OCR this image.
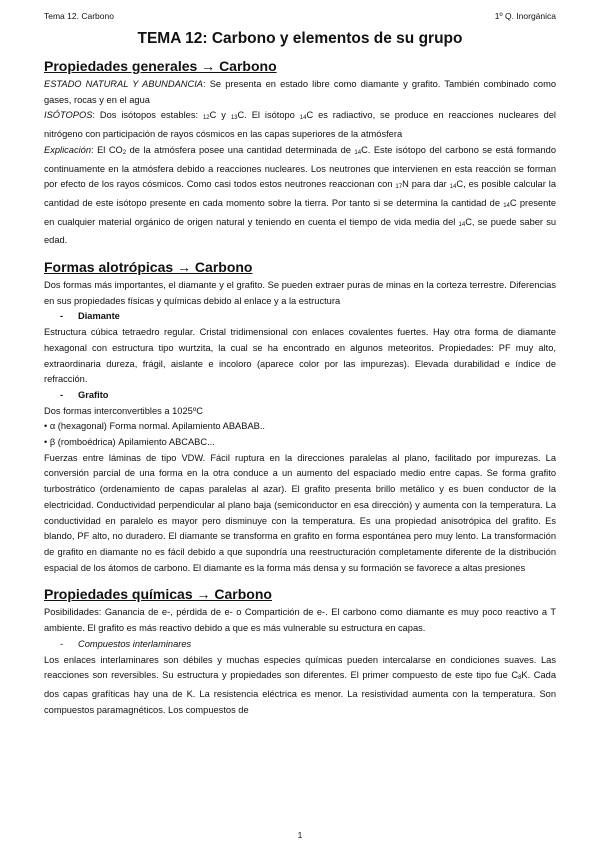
Tema 12. Carbono	1º Q. Inorgánica
TEMA 12: Carbono y elementos de su grupo
Propiedades generales → Carbono
ESTADO NATURAL Y ABUNDANCIA: Se presenta en estado libre como diamante y grafito. También combinado como gases, rocas y en el agua
ISÓTOPOS: Dos isótopos estables: $_{12}$C y $_{13}$C. El isótopo $_{14}$C es radiactivo, se produce en reacciones nucleares del nitrógeno con participación de rayos cósmicos en las capas superiores de la atmósfera
Explicación: El $CO_2$ de la atmósfera posee una cantidad determinada de $_{14}$C. Este isótopo del carbono se está formando continuamente en la atmósfera debido a reacciones nucleares. Los neutrones que intervienen en esta reacción se forman por efecto de los rayos cósmicos. Como casi todos estos neutrones reaccionan con $_{17}$N para dar $_{14}$C, es posible calcular la cantidad de este isótopo presente en cada momento sobre la tierra. Por tanto si se determina la cantidad de $_{14}$C presente en cualquier material orgánico de origen natural y teniendo en cuenta el tiempo de vida media del $_{14}$C, se puede saber su edad.
Formas alotrópicas → Carbono
Dos formas más importantes, el diamante y el grafito. Se pueden extraer puras de minas en la corteza terrestre. Diferencias en sus propiedades físicas y químicas debido al enlace y a la estructura
- Diamante
Estructura cúbica tetraedro regular. Cristal tridimensional con enlaces covalentes fuertes. Hay otra forma de diamante hexagonal con estructura tipo wurtzita, la cual se ha encontrado en algunos meteoritos. Propiedades: PF muy alto, extraordinaria dureza, frágil, aislante e incoloro (aparece color por las impurezas). Elevada durabilidad e índice de refracción.
- Grafito
Dos formas interconvertibles a 1025ºC
• α (hexagonal) Forma normal. Apilamiento ABABAB..
• β (romboédrica) Apilamiento ABCABC...
Fuerzas entre láminas de tipo VDW. Fácil ruptura en la direcciones paralelas al plano, facilitado por impurezas. La conversión parcial de una forma en la otra conduce a un aumento del espaciado medio entre capas. Se forma grafito turbostrático (ordenamiento de capas paralelas al azar). El grafito presenta brillo metálico y es buen conductor de la electricidad. Conductividad perpendicular al plano baja (semiconductor en esa dirección) y aumenta con la temperatura. La conductividad en paralelo es mayor pero disminuye con la temperatura. Es una propiedad anisotrópica del grafito. Es blando, PF alto, no duradero. El diamante se transforma en grafito en forma espontánea pero muy lento. La transformación de grafito en diamante no es fácil debido a que supondría una reestructuración completamente diferente de la distribución espacial de los átomos de carbono. El diamante es la forma más densa y su formación se favorece a altas presiones
Propiedades químicas → Carbono
Posibilidades: Ganancia de e-, pérdida de e- o Compartición de e-. El carbono como diamante es muy poco reactivo a T ambiente. El grafito es más reactivo debido a que es más vulnerable su estructura en capas.
- Compuestos interlaminares
Los enlaces interlaminares son débiles y muchas especies químicas pueden intercalarse en condiciones suaves. Las reacciones son reversibles. Su estructura y propiedades son diferentes. El primer compuesto de este tipo fue $C_8K$. Cada dos capas grafíticas hay una de K. La resistencia eléctrica es menor. La resistividad aumenta con la temperatura. Son compuestos paramagnéticos. Los compuestos de
1
